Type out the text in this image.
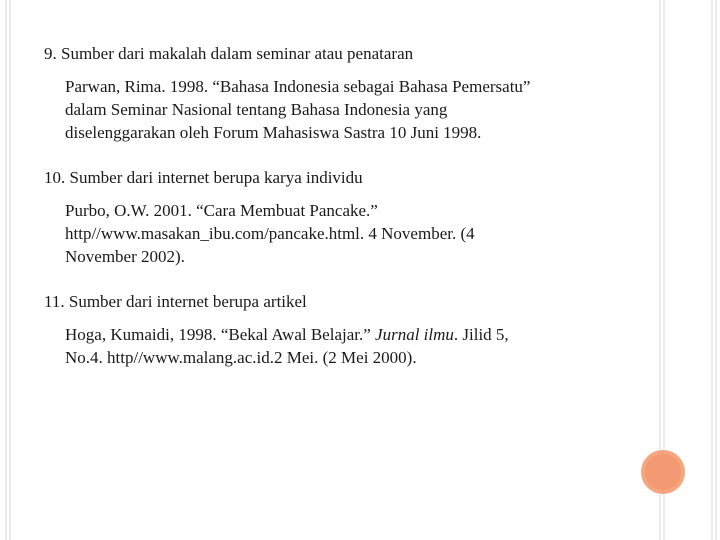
9. Sumber dari makalah dalam seminar atau penataran
Parwan, Rima. 1998. “Bahasa Indonesia sebagai Bahasa Pemersatu”
dalam Seminar Nasional tentang Bahasa Indonesia yang
diselenggarakan oleh Forum Mahasiswa Sastra 10 Juni 1998.
10. Sumber dari internet berupa karya individu
Purbo, O.W. 2001. “Cara Membuat Pancake.”
http//www.masakan_ibu.com/pancake.html. 4 November. (4
November 2002).
11. Sumber dari internet berupa artikel
Hoga, Kumaidi, 1998. “Bekal Awal Belajar.” Jurnal ilmu. Jilid 5,
No.4. http//www.malang.ac.id.2 Mei. (2 Mei 2000).
